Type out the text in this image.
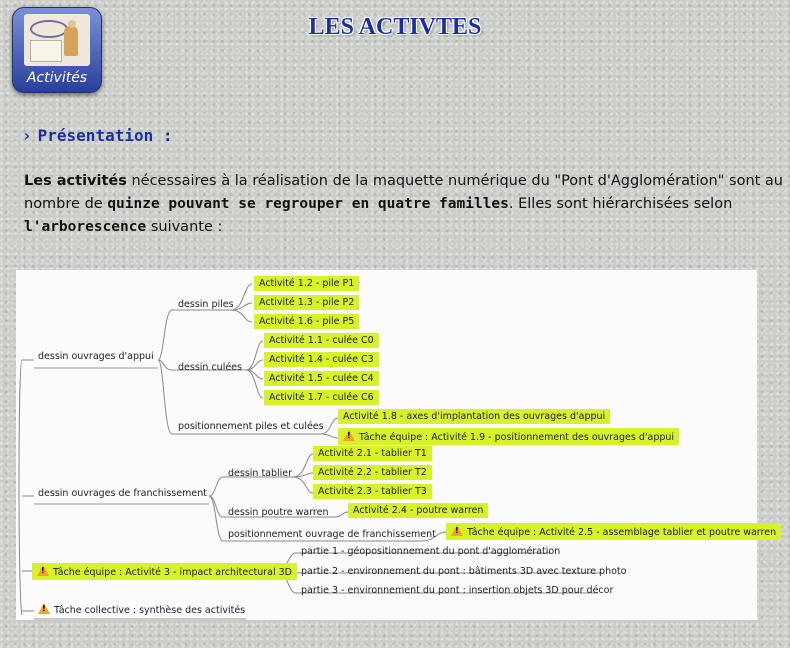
Activités
LES ACTIVTES
› Présentation :
Les activités nécessaires à la réalisation de la maquette numérique du "Pont d'Agglomération" sont au nombre de quinze pouvant se regrouper en quatre familles. Elles sont hiérarchisées selon l'arborescence suivante :
dessin ouvrages d'appui
dessin piles
Activité 1.2 - pile P1
Activité 1.3 - pile P2
Activité 1.6 - pile P5
dessin culées
Activité 1.1 - culée C0
Activité 1.4 - culée C3
Activité 1.5 - culée C4
Activité 1.7 - culée C6
positionnement piles et culées
Activité 1.8 - axes d'implantation des ouvrages d'appui
!Tâche équipe : Activité 1.9 - positionnement des ouvrages d'appui
dessin ouvrages de franchissement
dessin tablier
Activité 2.1 - tablier T1
Activité 2.2 - tablier T2
Activité 2.3 - tablier T3
dessin poutre warren	Activité 2.4 - poutre warren
positionnement ouvrage de franchissement
!	Tâche équipe : Activité 2.5 - assemblage tablier et poutre warren
!Tâche équipe : Activité 3 - impact architectural 3D
partie 1 - géopositionnement du pont d'agglomération
partie 2 - environnement du pont : bâtiments 3D avec texture photo
partie 3 - environnement du pont : insertion objets 3D pour décor
!Tâche collective : synthèse des activités
